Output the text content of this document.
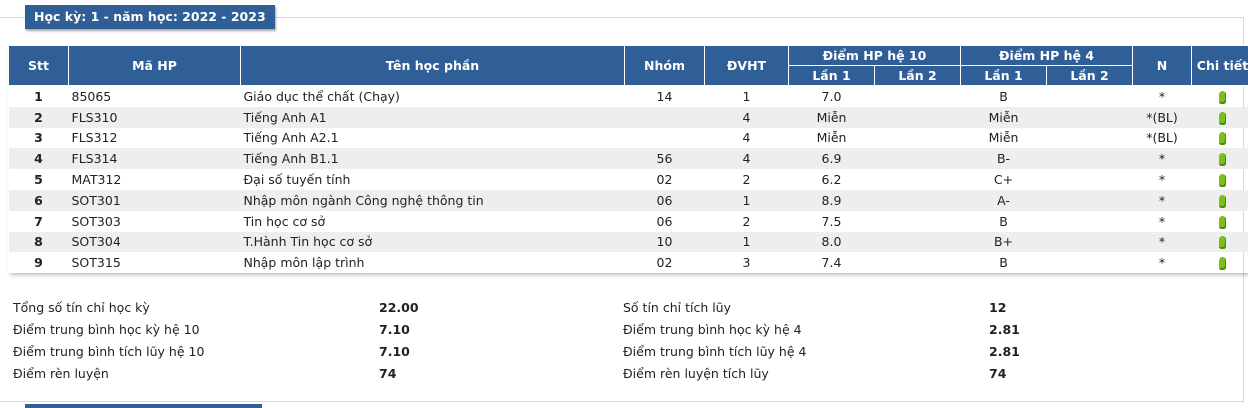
Học kỳ: 1 - năm học: 2022 - 2023
Stt	Mã HP	Tên học phần	Nhóm	ĐVHT	Điểm HP hệ 10		Điểm HP hệ 4		N	Chi tiết
					Lần 1	Lần 2	Lần 1	Lần 2		
1	85065	Giáo dục thể chất (Chạy)	14	1	7.0		B		*	
2	FLS310	Tiếng Anh A1		4	Miễn		Miễn		*(BL)	
3	FLS312	Tiếng Anh A2.1		4	Miễn		Miễn		*(BL)	
4	FLS314	Tiếng Anh B1.1	56	4	6.9		B-		*	
5	MAT312	Đại số tuyến tính	02	2	6.2		C+		*	
6	SOT301	Nhập môn ngành Công nghệ thông tin	06	1	8.9		A-		*	
7	SOT303	Tin học cơ sở	06	2	7.5		B		*	
8	SOT304	T.Hành Tin học cơ sở	10	1	8.0		B+		*	
9	SOT315	Nhập môn lập trình	02	3	7.4		B		*	
Tổng số tín chỉ học kỳ	22.00
Điểm trung bình học kỳ hệ 10	7.10
Điểm trung bình tích lũy hệ 10	7.10
Điểm rèn luyện	74
Số tín chỉ tích lũy	12
Điểm trung bình học kỳ hệ 4	2.81
Điểm trung bình tích lũy hệ 4	2.81
Điểm rèn luyện tích lũy	74
